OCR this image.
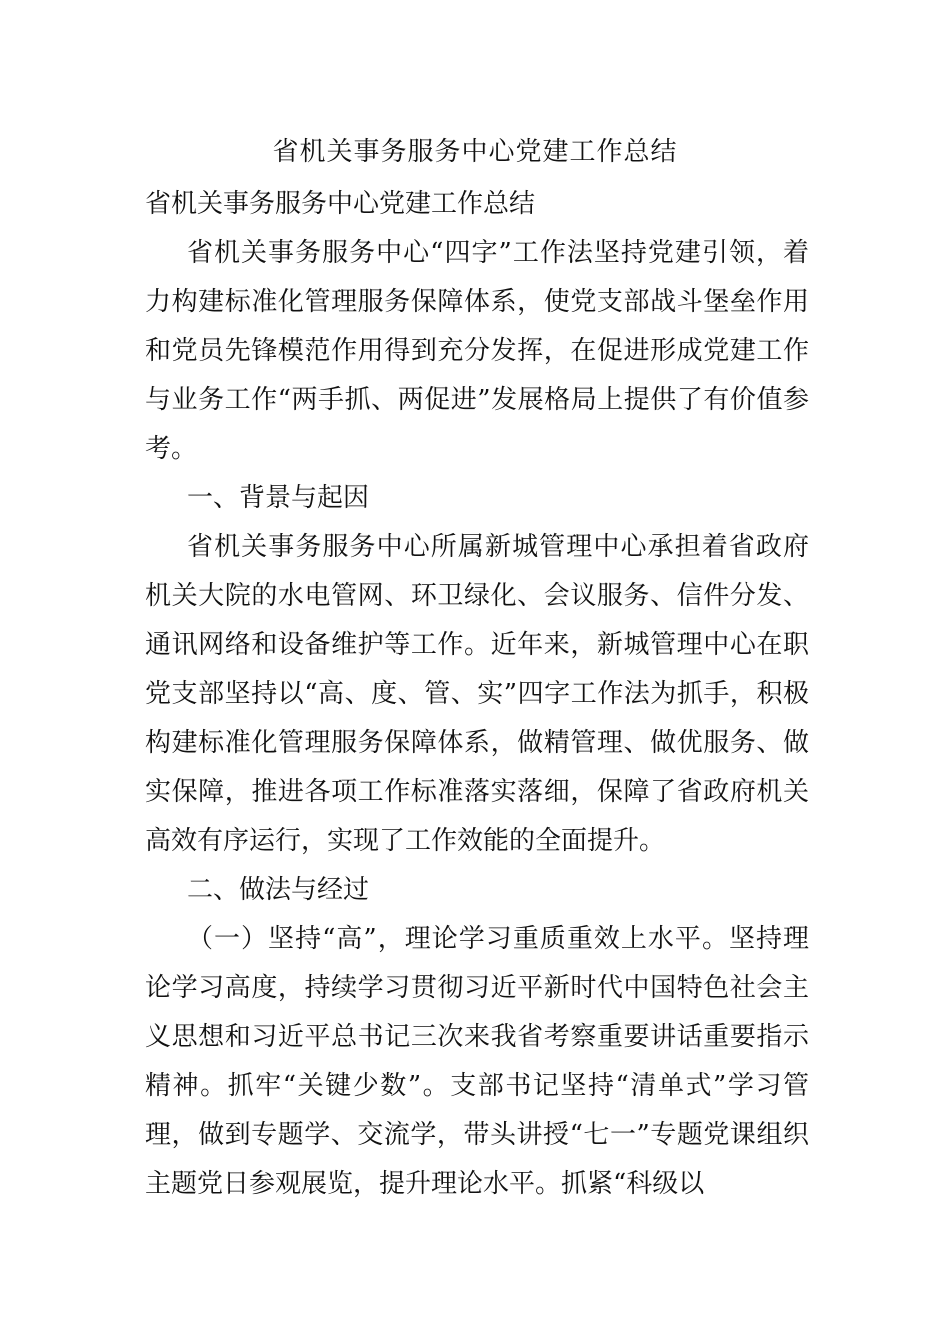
省机关事务服务中心党建工作总结

省机关事务服务中心党建工作总结

省机关事务服务中心“四字”工作法坚持党建引领，着力构建标准化管理服务保障体系，使党支部战斗堡垒作用和党员先锋模范作用得到充分发挥，在促进形成党建工作与业务工作“两手抓、两促进”发展格局上提供了有价值参考。

一、背景与起因

省机关事务服务中心所属新城管理中心承担着省政府机关大院的水电管网、环卫绿化、会议服务、信件分发、通讯网络和设备维护等工作。近年来，新城管理中心在职党支部坚持以“高、度、管、实”四字工作法为抓手，积极构建标准化管理服务保障体系，做精管理、做优服务、做实保障，推进各项工作标准落实落细，保障了省政府机关高效有序运行，实现了工作效能的全面提升。

二、做法与经过

（一）坚持“高”，理论学习重质重效上水平。坚持理论学习高度，持续学习贯彻习近平新时代中国特色社会主义思想和习近平总书记三次来我省考察重要讲话重要指示精神。抓牢“关键少数”。支部书记坚持“清单式”学习管理，做到专题学、交流学，带头讲授“七一”专题党课组织主题党日参观展览，提升理论水平。抓紧“科级以
